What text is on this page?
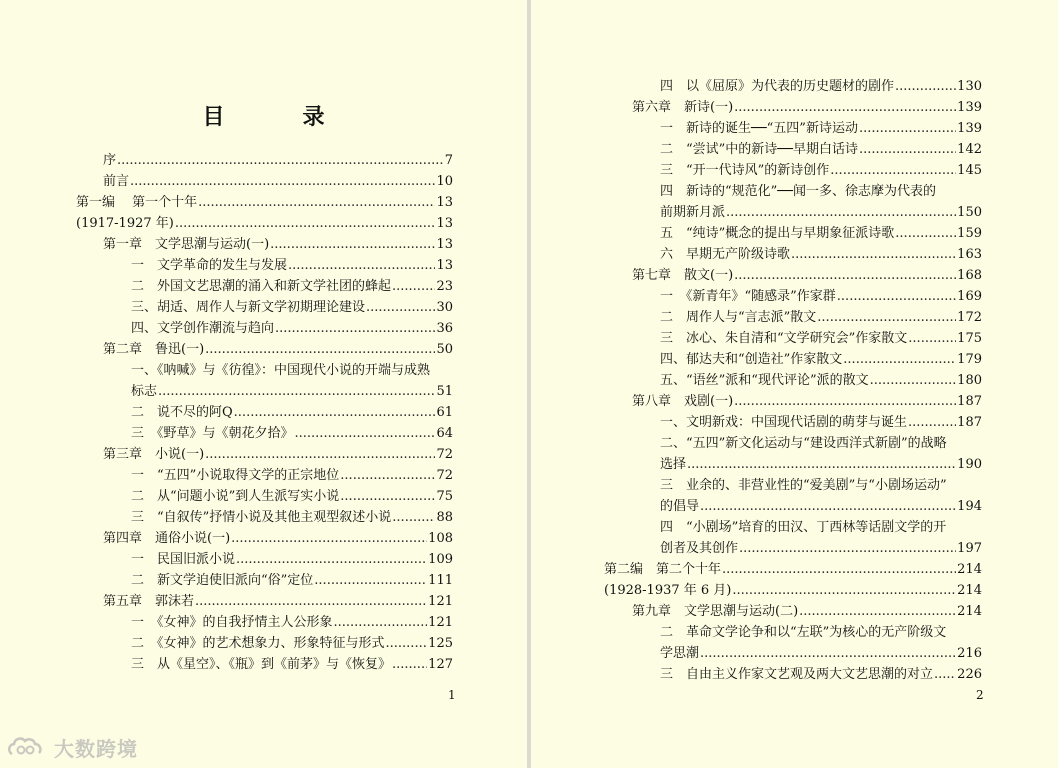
目　录
序 .....	7
前言 .....	10
第一编　 第一个十年 .....	13
(1917-1927 年) .....	13
第一章　文学思潮与运动(一) .....	13
一　文学革命的发生与发展 .....	13
二　外国文艺思潮的涌入和新文学社团的蜂起 .....	23
三、胡适、周作人与新文学初期理论建设 .....	30
四、文学创作潮流与趋向 .....	36
第二章　鲁迅(一) .....	50
一、《呐喊》与《彷徨》：中国现代小说的开端与成熟
标志 .....	51
二　说不尽的阿Q .....	61
三　《野草》与《朝花夕拾》 .....	64
第三章　小说(一) .....	72
一　“五四”小说取得文学的正宗地位 .....	72
二　从“问题小说”到人生派写实小说 .....	75
三　“自叙传”抒情小说及其他主观型叙述小说 .....	88
第四章　通俗小说(一) .....	108
一　民国旧派小说 .....	109
二　新文学迫使旧派向“俗”定位 .....	111
第五章　郭沫若 .....	121
一　《女神》的自我抒情主人公形象 .....	121
二　《女神》的艺术想象力、形象特征与形式 .....	125
三　从《星空》、《瓶》到《前茅》与《恢复》 .....	127
1
四　以《屈原》为代表的历史题材的剧作 .....	130
第六章　新诗(一) .....	139
一　新诗的诞生──“五四”新诗运动 .....	139
二　“尝试”中的新诗──早期白话诗 .....	142
三　“开一代诗风”的新诗创作 .....	145
四　新诗的“规范化”──闻一多、徐志摩为代表的
前期新月派 .....	150
五　“纯诗”概念的提出与早期象征派诗歌 .....	159
六　早期无产阶级诗歌 .....	163
第七章　散文(一) .....	168
一　《新青年》“随感录”作家群 .....	169
二　周作人与“言志派”散文 .....	172
三　冰心、朱自清和“文学研究会”作家散文 .....	175
四、郁达夫和“创造社”作家散文 .....	179
五、“语丝”派和“现代评论”派的散文 .....	180
第八章　戏剧(一) .....	187
一、文明新戏：中国现代话剧的萌芽与诞生 .....	187
二、“五四”新文化运动与“建设西洋式新剧”的战略
选择 .....	190
三　业余的、非营业性的“爱美剧”与“小剧场运动”
的倡导 .....	194
四　“小剧场”培育的田汉、丁西林等话剧文学的开
创者及其创作 .....	197
第二编　第二个十年 .....	214
(1928-1937 年 6 月) .....	214
第九章　文学思潮与运动(二) .....	214
二　革命文学论争和以“左联”为核心的无产阶级文
学思潮 .....	216
三　自由主义作家文艺观及两大文艺思潮的对立 ..... 226
2
大数跨境
